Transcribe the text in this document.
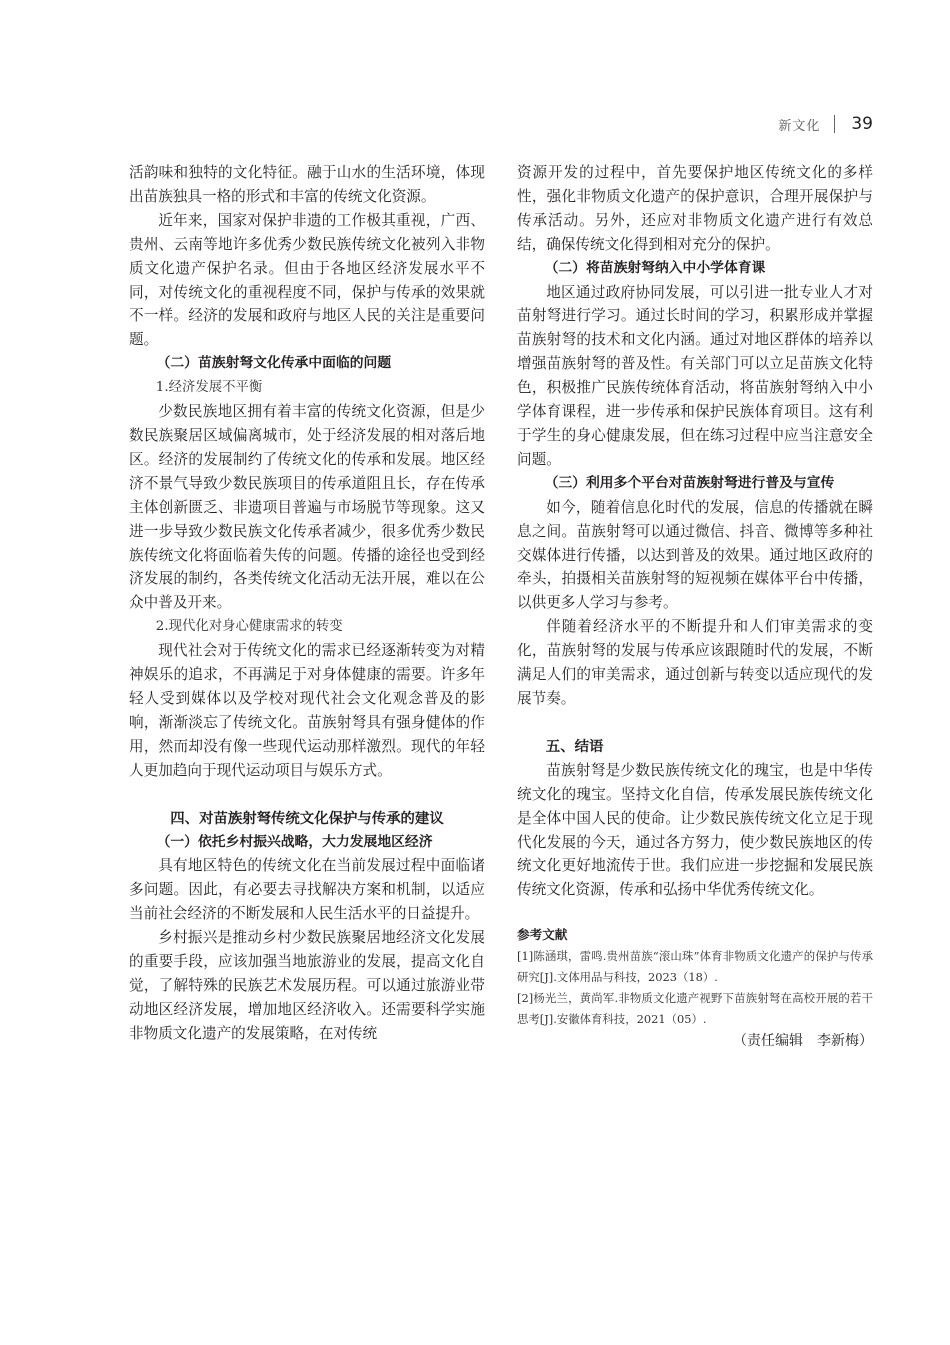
新文化 39

活韵味和独特的文化特征。融于山水的生活环境，体现出苗族独具一格的形式和丰富的传统文化资源。

近年来，国家对保护非遗的工作极其重视，广西、贵州、云南等地许多优秀少数民族传统文化被列入非物质文化遗产保护名录。但由于各地区经济发展水平不同，对传统文化的重视程度不同，保护与传承的效果就不一样。经济的发展和政府与地区人民的关注是重要问题。

（二）苗族射弩文化传承中面临的问题

1.经济发展不平衡

少数民族地区拥有着丰富的传统文化资源，但是少数民族聚居区域偏离城市，处于经济发展的相对落后地区。经济的发展制约了传统文化的传承和发展。地区经济不景气导致少数民族项目的传承道阻且长，存在传承主体创新匮乏、非遗项目普遍与市场脱节等现象。这又进一步导致少数民族文化传承者减少，很多优秀少数民族传统文化将面临着失传的问题。传播的途径也受到经济发展的制约，各类传统文化活动无法开展，难以在公众中普及开来。

2.现代化对身心健康需求的转变

现代社会对于传统文化的需求已经逐渐转变为对精神娱乐的追求，不再满足于对身体健康的需要。许多年轻人受到媒体以及学校对现代社会文化观念普及的影响，渐渐淡忘了传统文化。苗族射弩具有强身健体的作用，然而却没有像一些现代运动那样激烈。现代的年轻人更加趋向于现代运动项目与娱乐方式。

四、对苗族射弩传统文化保护与传承的建议

（一）依托乡村振兴战略，大力发展地区经济

具有地区特色的传统文化在当前发展过程中面临诸多问题。因此，有必要去寻找解决方案和机制，以适应当前社会经济的不断发展和人民生活水平的日益提升。

乡村振兴是推动乡村少数民族聚居地经济文化发展的重要手段，应该加强当地旅游业的发展，提高文化自觉，了解特殊的民族艺术发展历程。可以通过旅游业带动地区经济发展，增加地区经济收入。还需要科学实施非物质文化遗产的发展策略，在对传统

资源开发的过程中，首先要保护地区传统文化的多样性，强化非物质文化遗产的保护意识，合理开展保护与传承活动。另外，还应对非物质文化遗产进行有效总结，确保传统文化得到相对充分的保护。

（二）将苗族射弩纳入中小学体育课

地区通过政府协同发展，可以引进一批专业人才对苗射弩进行学习。通过长时间的学习，积累形成并掌握苗族射弩的技术和文化内涵。通过对地区群体的培养以增强苗族射弩的普及性。有关部门可以立足苗族文化特色，积极推广民族传统体育活动，将苗族射弩纳入中小学体育课程，进一步传承和保护民族体育项目。这有利于学生的身心健康发展，但在练习过程中应当注意安全问题。

（三）利用多个平台对苗族射弩进行普及与宣传

如今，随着信息化时代的发展，信息的传播就在瞬息之间。苗族射弩可以通过微信、抖音、微博等多种社交媒体进行传播，以达到普及的效果。通过地区政府的牵头，拍摄相关苗族射弩的短视频在媒体平台中传播，以供更多人学习与参考。

伴随着经济水平的不断提升和人们审美需求的变化，苗族射弩的发展与传承应该跟随时代的发展，不断满足人们的审美需求，通过创新与转变以适应现代的发展节奏。

五、结语

苗族射弩是少数民族传统文化的瑰宝，也是中华传统文化的瑰宝。坚持文化自信，传承发展民族传统文化是全体中国人民的使命。让少数民族传统文化立足于现代化发展的今天，通过各方努力，使少数民族地区的传统文化更好地流传于世。我们应进一步挖掘和发展民族传统文化资源，传承和弘扬中华优秀传统文化。

参考文献

[1]陈涵琪，雷鸣.贵州苗族“滚山珠”体育非物质文化遗产的保护与传承研究[J].文体用品与科技，2023（18）.

[2]杨光兰，黄尚军.非物质文化遗产视野下苗族射弩在高校开展的若干思考[J].安徽体育科技，2021（05）.

（责任编辑　李新梅）
